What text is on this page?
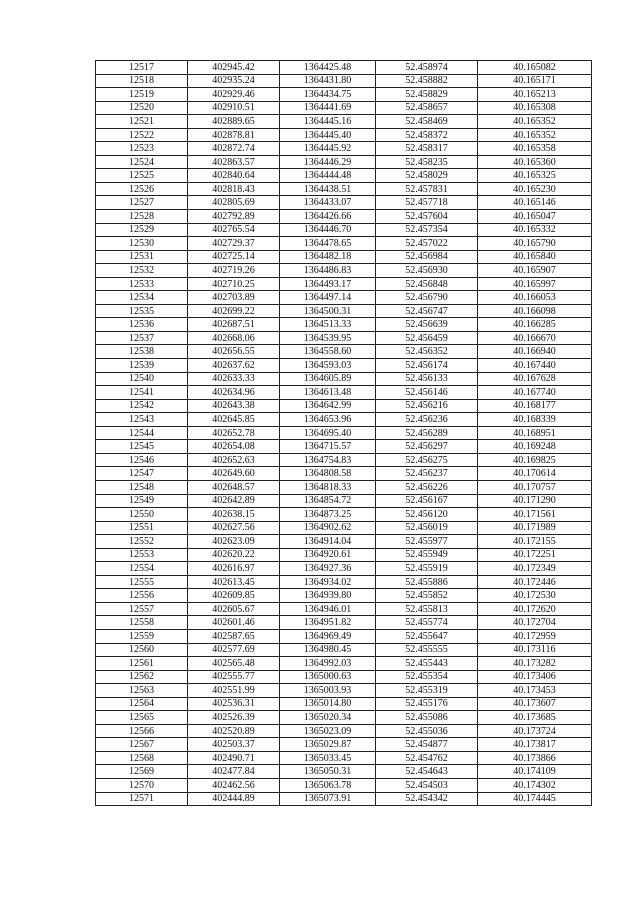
12517	402945.42	1364425.48	52.458974	40.165082
12518	402935.24	1364431.80	52.458882	40.165171
12519	402929.46	1364434.75	52.458829	40.165213
12520	402910.51	1364441.69	52.458657	40.165308
12521	402889.65	1364445.16	52.458469	40.165352
12522	402878.81	1364445.40	52.458372	40.165352
12523	402872.74	1364445.92	52.458317	40.165358
12524	402863.57	1364446.29	52.458235	40.165360
12525	402840.64	1364444.48	52.458029	40.165325
12526	402818.43	1364438.51	52.457831	40.165230
12527	402805.69	1364433.07	52.457718	40.165146
12528	402792.89	1364426.66	52.457604	40.165047
12529	402765.54	1364446.70	52.457354	40.165332
12530	402729.37	1364478.65	52.457022	40.165790
12531	402725.14	1364482.18	52.456984	40.165840
12532	402719.26	1364486.83	52.456930	40.165907
12533	402710.25	1364493.17	52.456848	40.165997
12534	402703.89	1364497.14	52.456790	40.166053
12535	402699.22	1364500.31	52.456747	40.166098
12536	402687.51	1364513.33	52.456639	40.166285
12537	402668.06	1364539.95	52.456459	40.166670
12538	402656.55	1364558.60	52.456352	40.166940
12539	402637.62	1364593.03	52.456174	40.167440
12540	402633.33	1364605.89	52.456133	40.167628
12541	402634.96	1364613.48	52.456146	40.167740
12542	402643.38	1364642.99	52.456216	40.168177
12543	402645.85	1364653.96	52.456236	40.168339
12544	402652.78	1364695.40	52.456289	40.168951
12545	402654.08	1364715.57	52.456297	40.169248
12546	402652.63	1364754.83	52.456275	40.169825
12547	402649.60	1364808.58	52.456237	40.170614
12548	402648.57	1364818.33	52.456226	40.170757
12549	402642.89	1364854.72	52.456167	40.171290
12550	402638.15	1364873.25	52.456120	40.171561
12551	402627.56	1364902.62	52.456019	40.171989
12552	402623.09	1364914.04	52.455977	40.172155
12553	402620.22	1364920.61	52.455949	40.172251
12554	402616.97	1364927.36	52.455919	40.172349
12555	402613.45	1364934.02	52.455886	40.172446
12556	402609.85	1364939.80	52.455852	40.172530
12557	402605.67	1364946.01	52.455813	40.172620
12558	402601.46	1364951.82	52.455774	40.172704
12559	402587.65	1364969.49	52.455647	40.172959
12560	402577.69	1364980.45	52.455555	40.173116
12561	402565.48	1364992.03	52.455443	40.173282
12562	402555.77	1365000.63	52.455354	40.173406
12563	402551.99	1365003.93	52.455319	40.173453
12564	402536.31	1365014.80	52.455176	40.173607
12565	402526.39	1365020.34	52.455086	40.173685
12566	402520.89	1365023.09	52.455036	40.173724
12567	402503.37	1365029.87	52.454877	40.173817
12568	402490.71	1365033.45	52.454762	40.173866
12569	402477.84	1365050.31	52.454643	40.174109
12570	402462.56	1365063.78	52.454503	40.174302
12571	402444.89	1365073.91	52.454342	40.174445
